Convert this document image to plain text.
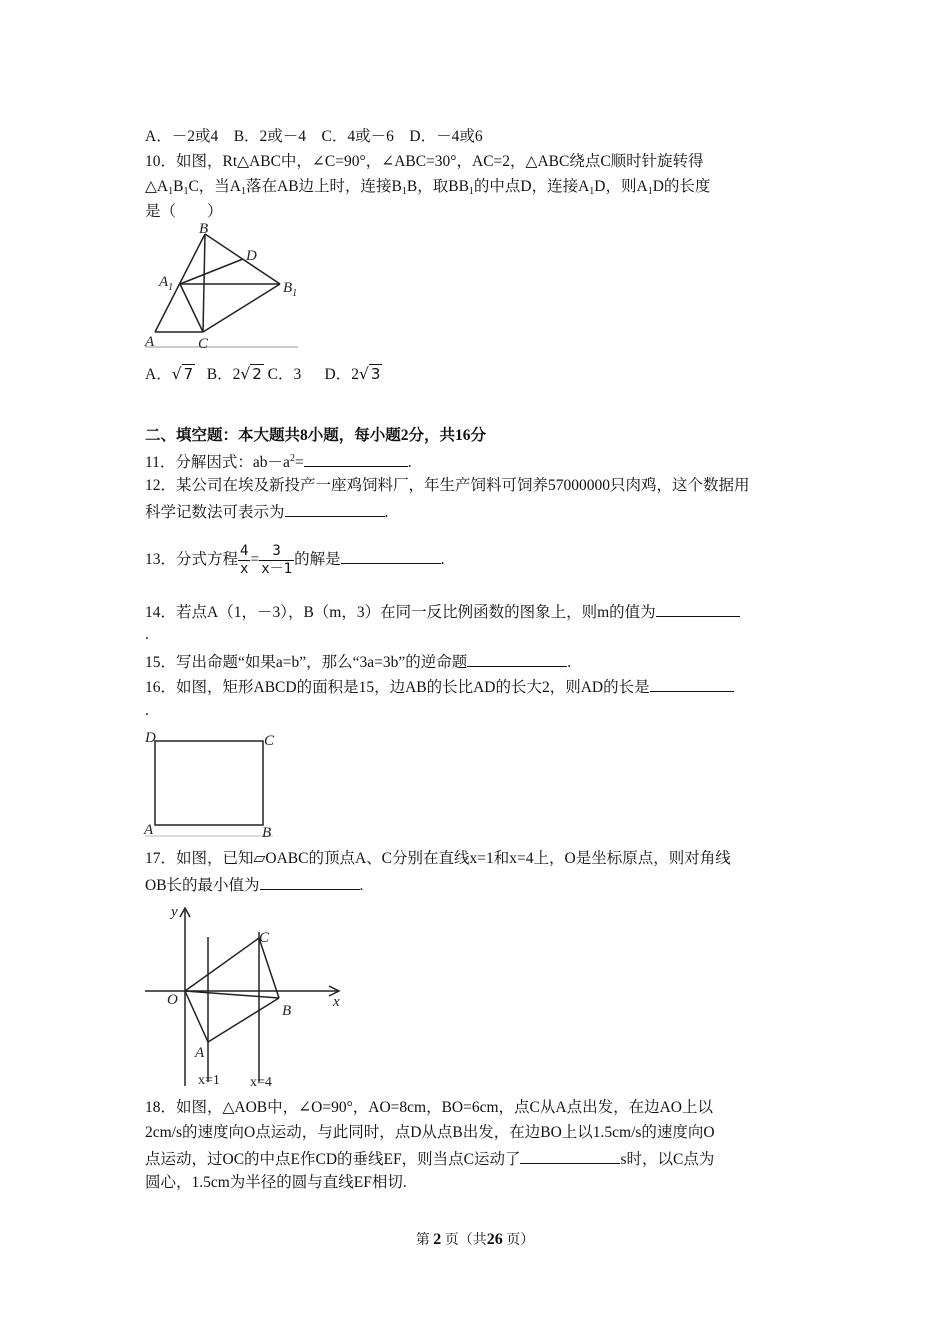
A．－2或4　B．2或－4　C．4或－6　D．－4或6
10．如图，Rt△ABC中，∠C=90°，∠ABC=30°，AC=2，△ABC绕点C顺时针旋转得
$\triangle A_1B_1C$，当$A_1$落在AB边上时，连接$B_1B$，取$BB_1$的中点D，连接$A_1D$，则$A_1D$的长度
是（　　）
B
D
$A_1$	$B_1$
A	C
A．√ 7 B．2√ 2 C．3 D．2√ 3
二、填空题：本大题共8小题，每小题2分，共16分
11．分解因式：$ab-a^2=$	.
12．某公司在埃及新投产一座鸡饲料厂，年生产饲料可饲养57000000只肉鸡，这个数据用
科学记数法可表示为	.
13．分式方程 $\frac{4}{x} = \frac{3}{x-1}$ 的解是	.
14．若点A（1，－3），B（m，3）在同一反比例函数的图象上，则m的值为
.
15．写出命题“如果a=b”，那么“3a=3b”的逆命题	.
16．如图，矩形ABCD的面积是15，边AB的长比AD的长大2，则AD的长是
.
D	C
A	B
17．如图，已知▱OABC的顶点A、C分别在直线x=1和x=4上，O是坐标原点，则对角线
OB长的最小值为	.
y
x
O
C
B
A
x=1 x=4
18．如图，△AOB中，∠O=90°，AO=8cm，BO=6cm，点C从A点出发，在边AO上以
2cm/s的速度向O点运动，与此同时，点D从点B出发，在边BO上以1.5cm/s的速度向O
点运动，过OC的中点E作CD的垂线EF，则当点C运动了	s时，以C点为
圆心，1.5cm为半径的圆与直线EF相切.
第 2 页（共26 页）
